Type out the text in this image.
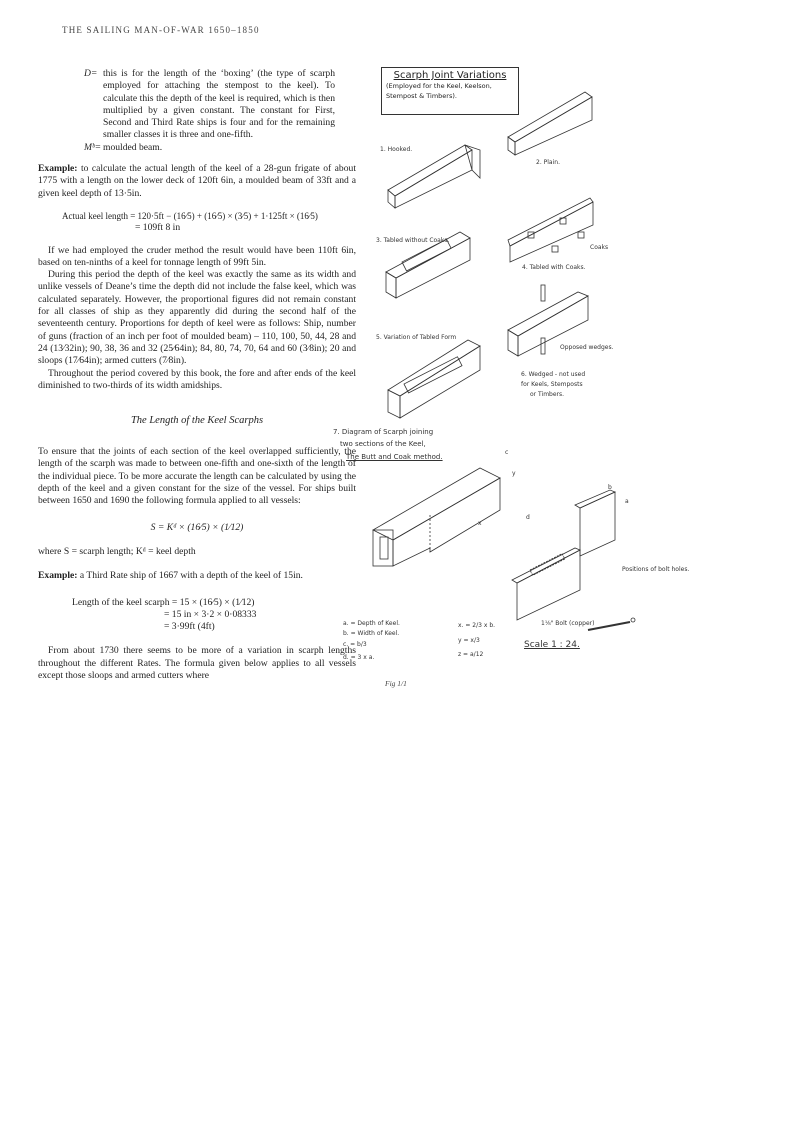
THE SAILING MAN-OF-WAR 1650–1850
D= this is for the length of the ‘boxing’ (the type of scarph employed for attaching the stempost to the keel). To calculate this the depth of the keel is required, which is then multiplied by a given constant. The constant for First, Second and Third Rate ships is four and for the remaining smaller classes it is three and one-fifth.
Mᵇ= moulded beam.

Example: to calculate the actual length of the keel of a 28-gun frigate of about 1775 with a length on the lower deck of 120ft 6in, a moulded beam of 33ft and a given keel depth of 13·5in.

Actual keel length = 120·5ft − (16⁄5) + (16⁄5) × (3⁄5) + 1·125ft × (16⁄5)
= 109ft 8 in

If we had employed the cruder method the result would have been 110ft 6in, based on ten-ninths of a keel for tonnage length of 99ft 5in.

During this period the depth of the keel was exactly the same as its width and unlike vessels of Deane’s time the depth did not include the false keel, which was calculated separately. However, the proportional figures did not remain constant for all classes of ship as they apparently did during the second half of the seventeenth century. Proportions for depth of keel were as follows: Ship, number of guns (fraction of an inch per foot of moulded beam) – 110, 100, 50, 44, 28 and 24 (13⁄32in); 90, 38, 36 and 32 (25⁄64in); 84, 80, 74, 70, 64 and 60 (3⁄8in); 20 and sloops (17⁄64in); armed cutters (7⁄8in).

Throughout the period covered by this book, the fore and after ends of the keel diminished to two-thirds of its width amidships.

The Length of the Keel Scarphs

To ensure that the joints of each section of the keel overlapped sufficiently, the length of the scarph was made to between one-fifth and one-sixth of the length of the individual piece. To be more accurate the length can be calculated by using the depth of the keel and a given constant for the size of the vessel. For ships built between 1650 and 1690 the following formula applied to all vessels:

S = Kᵈ × (16⁄5) × (1⁄12)
where S = scarph length; Kᵈ = keel depth

Example: a Third Rate ship of 1667 with a depth of the keel of 15in.

Length of the keel scarph = 15 × (16⁄5) × (1⁄12)
= 15 in × 3·2 × 0·08333
= 3·99ft (4ft)

From about 1730 there seems to be more of a variation in scarph lengths throughout the different Rates. The formula given below applies to all vessels except those sloops and armed cutters where

Scarph Joint Variations
(Employed for the Keel, Keelson,
Stempost & Timbers).
1. Hooked.
2. Plain.
3. Tabled without Coaks.
Coaks
4. Tabled with Coaks.
5. Variation of Tabled Form
Opposed wedges.
6. Wedged - not used
for Keels, Stemposts
or Timbers.
7. Diagram of Scarph joining
two sections of the Keel,
The Butt and Coak method.
Positions of bolt holes.
1⅛" Bolt (copper)
Scale 1 : 24.
a
b
c
d
x
y
a. = Depth of Keel.
b. = Width of Keel.
c. = b/3
d. = 3 x a.
x. = 2/3 x b.
y = x/3
z = a/12
Fig 1/1
